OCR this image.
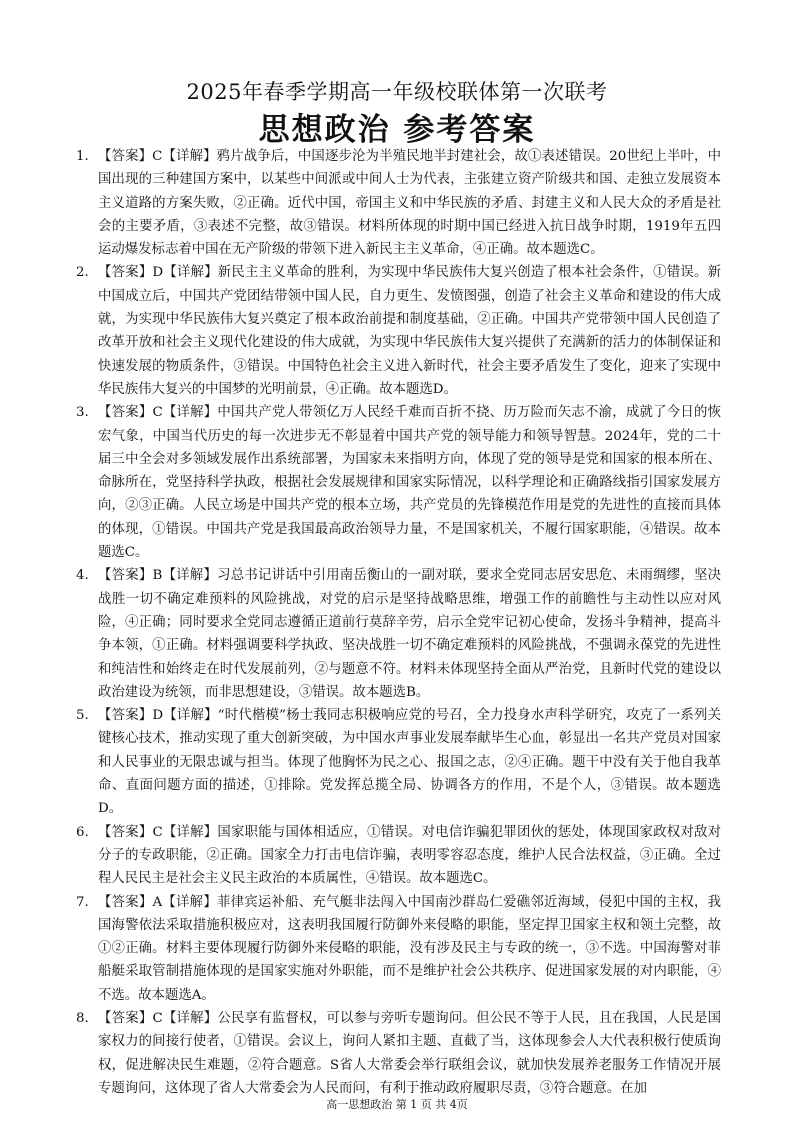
2025年春季学期高一年级校联体第一次联考
思想政治 参考答案
1. 【答案】C【详解】鸦片战争后，中国逐步沦为半殖民地半封建社会，故①表述错误。20世纪上半叶，中国出现的三种建国方案中，以某些中间派或中间人士为代表，主张建立资产阶级共和国、走独立发展资本主义道路的方案失败，②正确。近代中国，帝国主义和中华民族的矛盾、封建主义和人民大众的矛盾是社会的主要矛盾，③表述不完整，故③错误。材料所体现的时期中国已经进入抗日战争时期，1919年五四运动爆发标志着中国在无产阶级的带领下进入新民主主义革命，④正确。故本题选C。
2. 【答案】D【详解】新民主主义革命的胜利，为实现中华民族伟大复兴创造了根本社会条件，①错误。新中国成立后，中国共产党团结带领中国人民，自力更生、发愤图强，创造了社会主义革命和建设的伟大成就，为实现中华民族伟大复兴奠定了根本政治前提和制度基础，②正确。中国共产党带领中国人民创造了改革开放和社会主义现代化建设的伟大成就，为实现中华民族伟大复兴提供了充满新的活力的体制保证和快速发展的物质条件，③错误。中国特色社会主义进入新时代，社会主要矛盾发生了变化，迎来了实现中华民族伟大复兴的中国梦的光明前景，④正确。故本题选D。
3. 【答案】C【详解】中国共产党人带领亿万人民经千难而百折不挠、历万险而矢志不渝，成就了今日的恢宏气象，中国当代历史的每一次进步无不彰显着中国共产党的领导能力和领导智慧。2024年，党的二十届三中全会对多领域发展作出系统部署，为国家未来指明方向，体现了党的领导是党和国家的根本所在、命脉所在，党坚持科学执政，根据社会发展规律和国家实际情况，以科学理论和正确路线指引国家发展方向，②③正确。人民立场是中国共产党的根本立场，共产党员的先锋模范作用是党的先进性的直接而具体的体现，①错误。中国共产党是我国最高政治领导力量，不是国家机关，不履行国家职能，④错误。故本题选C。
4. 【答案】B【详解】习总书记讲话中引用南岳衡山的一副对联，要求全党同志居安思危、未雨绸缪，坚决战胜一切不确定难预料的风险挑战，对党的启示是坚持战略思维，增强工作的前瞻性与主动性以应对风险，④正确；同时要求全党同志遵循正道前行莫辞辛劳，启示全党牢记初心使命，发扬斗争精神，提高斗争本领，①正确。材料强调要科学执政、坚决战胜一切不确定难预料的风险挑战，不强调永葆党的先进性和纯洁性和始终走在时代发展前列，②与题意不符。材料未体现坚持全面从严治党，且新时代党的建设以政治建设为统领，而非思想建设，③错误。故本题选B。
5. 【答案】D【详解】“时代楷模”杨士莪同志积极响应党的号召，全力投身水声科学研究，攻克了一系列关键核心技术，推动实现了重大创新突破，为中国水声事业发展奉献毕生心血，彰显出一名共产党员对国家和人民事业的无限忠诚与担当。体现了他胸怀为民之心、报国之志，②④正确。题干中没有关于他自我革命、直面问题方面的描述，①排除。党发挥总揽全局、协调各方的作用，不是个人，③错误。故本题选D。
6. 【答案】C【详解】国家职能与国体相适应，①错误。对电信诈骗犯罪团伙的惩处，体现国家政权对敌对分子的专政职能，②正确。国家全力打击电信诈骗，表明零容忍态度，维护人民合法权益，③正确。全过程人民民主是社会主义民主政治的本质属性，④错误。故本题选C。
7. 【答案】A【详解】菲律宾运补船、充气艇非法闯入中国南沙群岛仁爱礁邻近海域，侵犯中国的主权，我国海警依法采取措施积极应对，这表明我国履行防御外来侵略的职能，坚定捍卫国家主权和领土完整，故①②正确。材料主要体现履行防御外来侵略的职能，没有涉及民主与专政的统一，③不选。中国海警对菲船艇采取管制措施体现的是国家实施对外职能，而不是维护社会公共秩序、促进国家发展的对内职能，④不选。故本题选A。
8. 【答案】C【详解】公民享有监督权，可以参与旁听专题询问。但公民不等于人民，且在我国，人民是国家权力的间接行使者，①错误。会议上，询问人紧扣主题、直截了当，这体现参会人大代表积极行使质询权，促进解决民生难题，②符合题意。S省人大常委会举行联组会议，就加快发展养老服务工作情况开展专题询问，这体现了省人大常委会为人民而问，有利于推动政府履职尽责，③符合题意。在加
高一思想政治 第 1 页 共 4页
